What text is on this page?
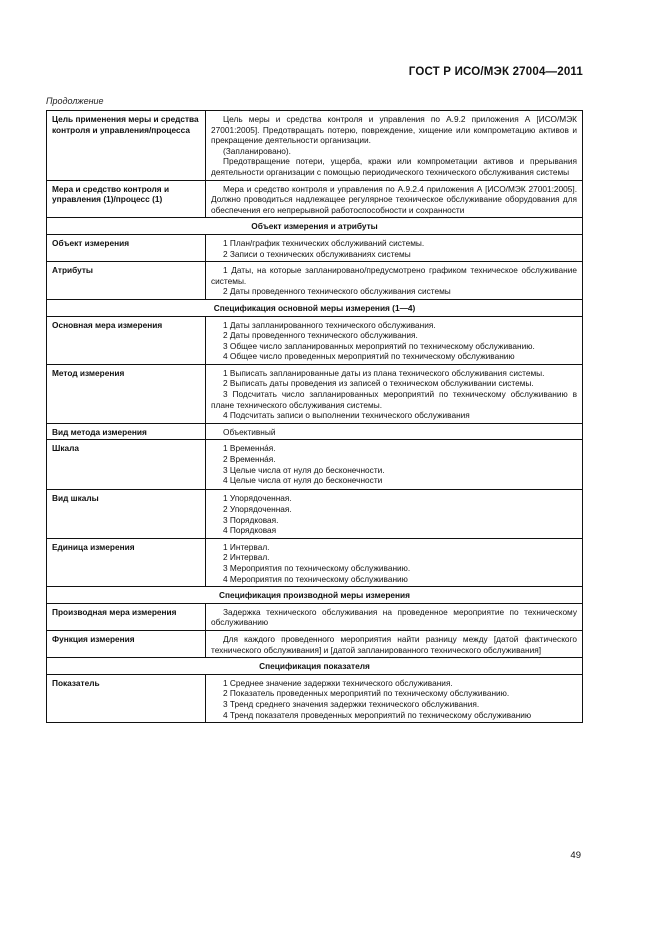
ГОСТ Р ИСО/МЭК 27004—2011
Продолжение
Цель применения меры и средства контроля и управления/процесса	Цель меры и средства контроля и управления по А.9.2 приложения А [ИСО/МЭК 27001:2005]. Предотвращать потерю, повреждение, хищение или компрометацию активов и прекращение деятельности организации.
(Запланировано).
Предотвращение потери, ущерба, кражи или компрометации активов и прерывания деятельности организации с помощью периодического технического обслуживания системы

Мера и средство контроля и управления (1)/процесс (1)	Мера и средство контроля и управления по А.9.2.4 приложения А [ИСО/МЭК 27001:2005]. Должно проводиться надлежащее регулярное техническое обслуживание оборудования для обеспечения его непрерывной работоспособности и сохранности

Объект измерения и атрибуты	
Объект измерения	1 План/график технических обслуживаний системы.
2 Записи о технических обслуживаниях системы

Атрибуты	1 Даты, на которые запланировано/предусмотрено графиком техническое обслуживание системы.
2 Даты проведенного технического обслуживания системы

Спецификация основной меры измерения (1—4)	
Основная мера измерения	1 Даты запланированного технического обслуживания.
2 Даты проведенного технического обслуживания.
3 Общее число запланированных мероприятий по техническому обслуживанию.
4 Общее число проведенных мероприятий по техническому обслуживанию

Метод измерения	1 Выписать запланированные даты из плана технического обслуживания системы.
2 Выписать даты проведения из записей о техническом обслуживании системы.
3 Подсчитать число запланированных мероприятий по техническому обслуживанию в плане технического обслуживания системы.
4 Подсчитать записи о выполнении технического обслуживания

Вид метода измерения	Объективный

Шкала	1 Временна́я.
2 Временна́я.
3 Целые числа от нуля до бесконечности.
4 Целые числа от нуля до бесконечности

Вид шкалы	1 Упорядоченная.
2 Упорядоченная.
3 Порядковая.
4 Порядковая

Единица измерения	1 Интервал.
2 Интервал.
3 Мероприятия по техническому обслуживанию.
4 Мероприятия по техническому обслуживанию

Спецификация производной меры измерения	
Производная мера измерения	Задержка технического обслуживания на проведенное мероприятие по техническому обслуживанию

Функция измерения	Для каждого проведенного мероприятия найти разницу между [датой фактического технического обслуживания] и [датой запланированного технического обслуживания]

Спецификация показателя	
Показатель	1 Среднее значение задержки технического обслуживания.
2 Показатель проведенных мероприятий по техническому обслуживанию.
3 Тренд среднего значения задержки технического обслуживания.
4 Тренд показателя проведенных мероприятий по техническому обслуживанию
49
